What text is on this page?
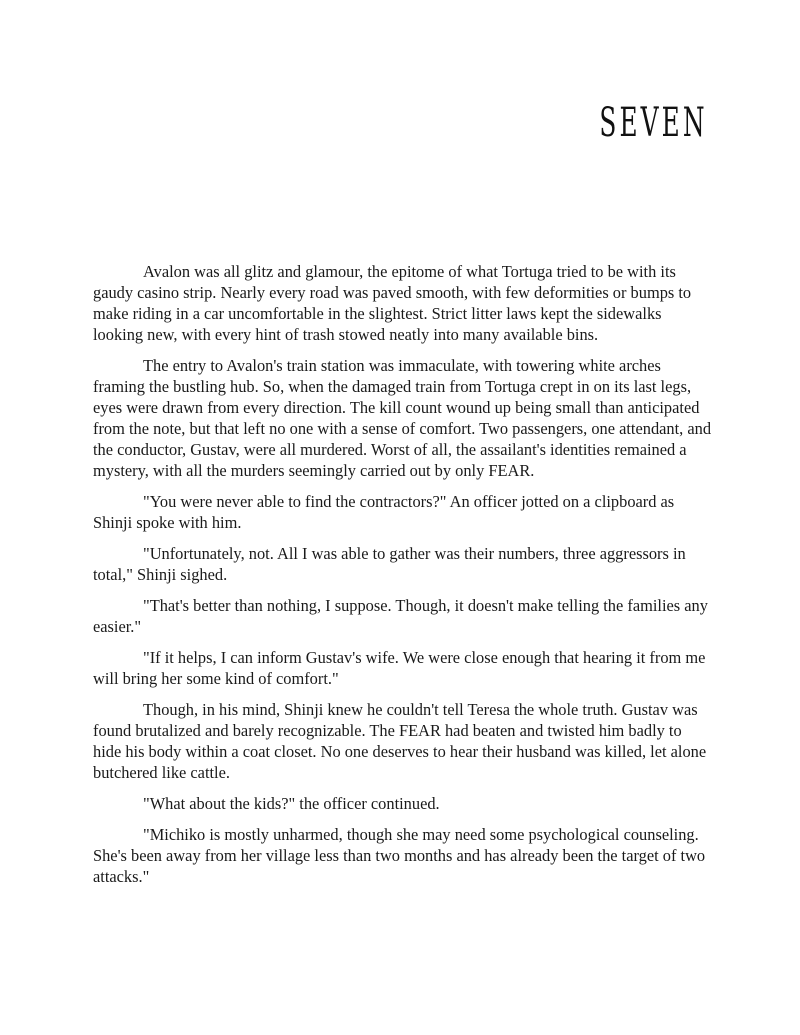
SEVEN

Avalon was all glitz and glamour, the epitome of what Tortuga tried to be with its gaudy casino strip. Nearly every road was paved smooth, with few deformities or bumps to make riding in a car uncomfortable in the slightest. Strict litter laws kept the sidewalks looking new, with every hint of trash stowed neatly into many available bins.

The entry to Avalon's train station was immaculate, with towering white arches framing the bustling hub. So, when the damaged train from Tortuga crept in on its last legs, eyes were drawn from every direction. The kill count wound up being small than anticipated from the note, but that left no one with a sense of comfort. Two passengers, one attendant, and the conductor, Gustav, were all murdered. Worst of all, the assailant's identities remained a mystery, with all the murders seemingly carried out by only FEAR.

"You were never able to find the contractors?" An officer jotted on a clipboard as Shinji spoke with him.

"Unfortunately, not. All I was able to gather was their numbers, three aggressors in total," Shinji sighed.

"That's better than nothing, I suppose. Though, it doesn't make telling the families any easier."

"If it helps, I can inform Gustav's wife. We were close enough that hearing it from me will bring her some kind of comfort."

Though, in his mind, Shinji knew he couldn't tell Teresa the whole truth. Gustav was found brutalized and barely recognizable. The FEAR had beaten and twisted him badly to hide his body within a coat closet. No one deserves to hear their husband was killed, let alone butchered like cattle.

"What about the kids?" the officer continued.

"Michiko is mostly unharmed, though she may need some psychological counseling. She's been away from her village less than two months and has already been the target of two attacks."
